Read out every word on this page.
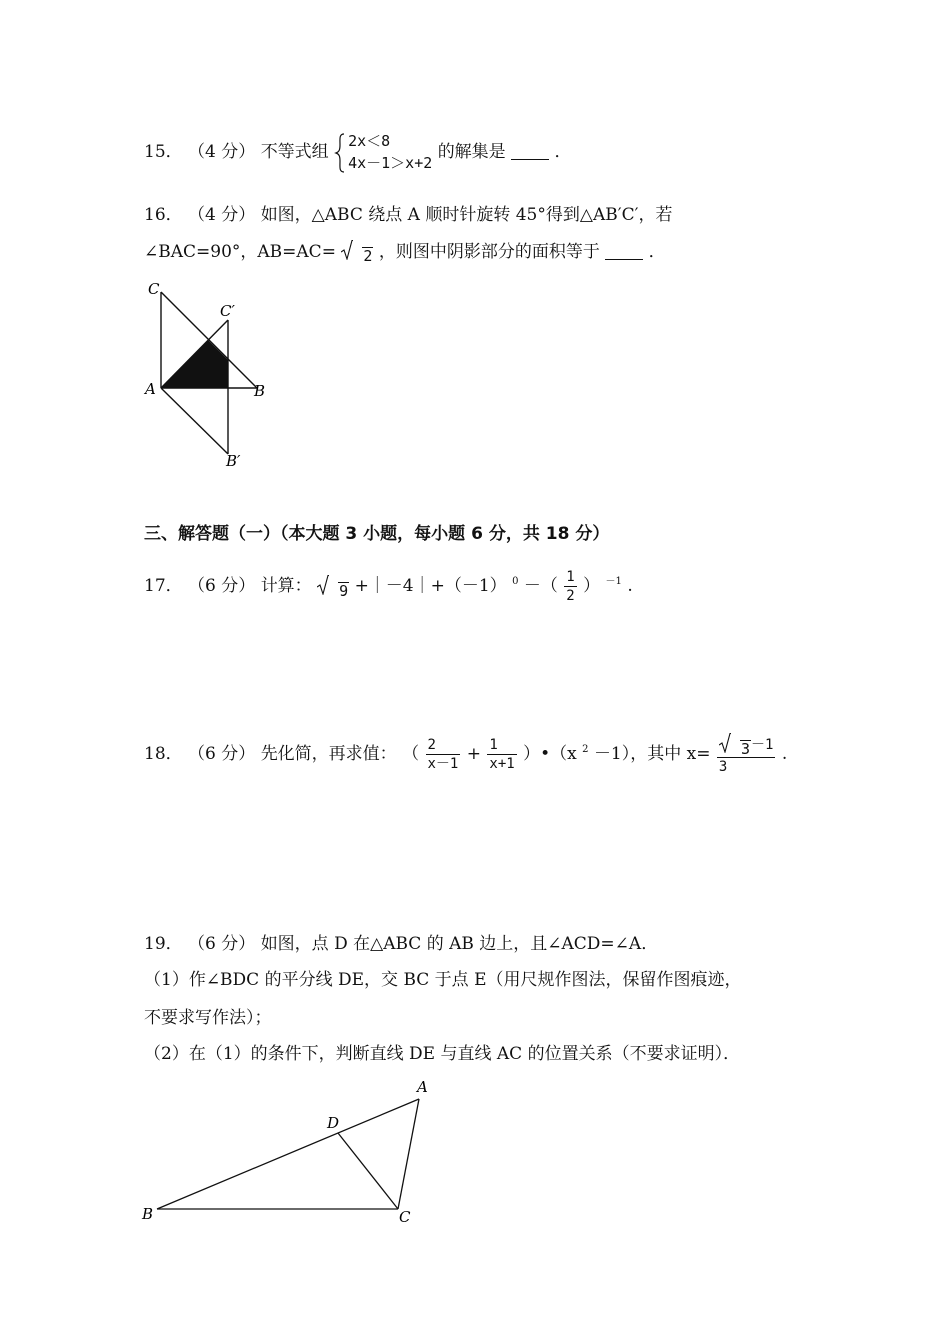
15． （4 分） 不等式组
2x＜8
4x－1＞x+2
的解集是	．
16． （4 分） 如图，△ABC 绕点 A 顺时针旋转 45°得到△AB′C′，若
∠BAC=90°，AB=AC= 2 ，则图中阴影部分的面积等于	．
C
C′
A	B
B′
三、解答题（一）（本大题 3 小题，每小题 6 分，共 18 分）
17． （6 分） 计算： 9 +｜－4｜+（－1） 0 －（ $\frac{1}{2}$ ） －1 .
18． （6 分） 先化简，再求值： （ $\frac{2}{x-1} + \frac{1}{x+1}$ ）•（x 2 －1），其中 $x= \frac{3-1}{3}$ .
19． （6 分） 如图，点 D 在△ABC 的 AB 边上，且∠ACD=∠A．
（1）作∠BDC 的平分线 DE，交 BC 于点 E（用尺规作图法，保留作图痕迹，
不要求写作法）；
（2）在（1）的条件下，判断直线 DE 与直线 AC 的位置关系（不要求证明）．
A
D
B	C
